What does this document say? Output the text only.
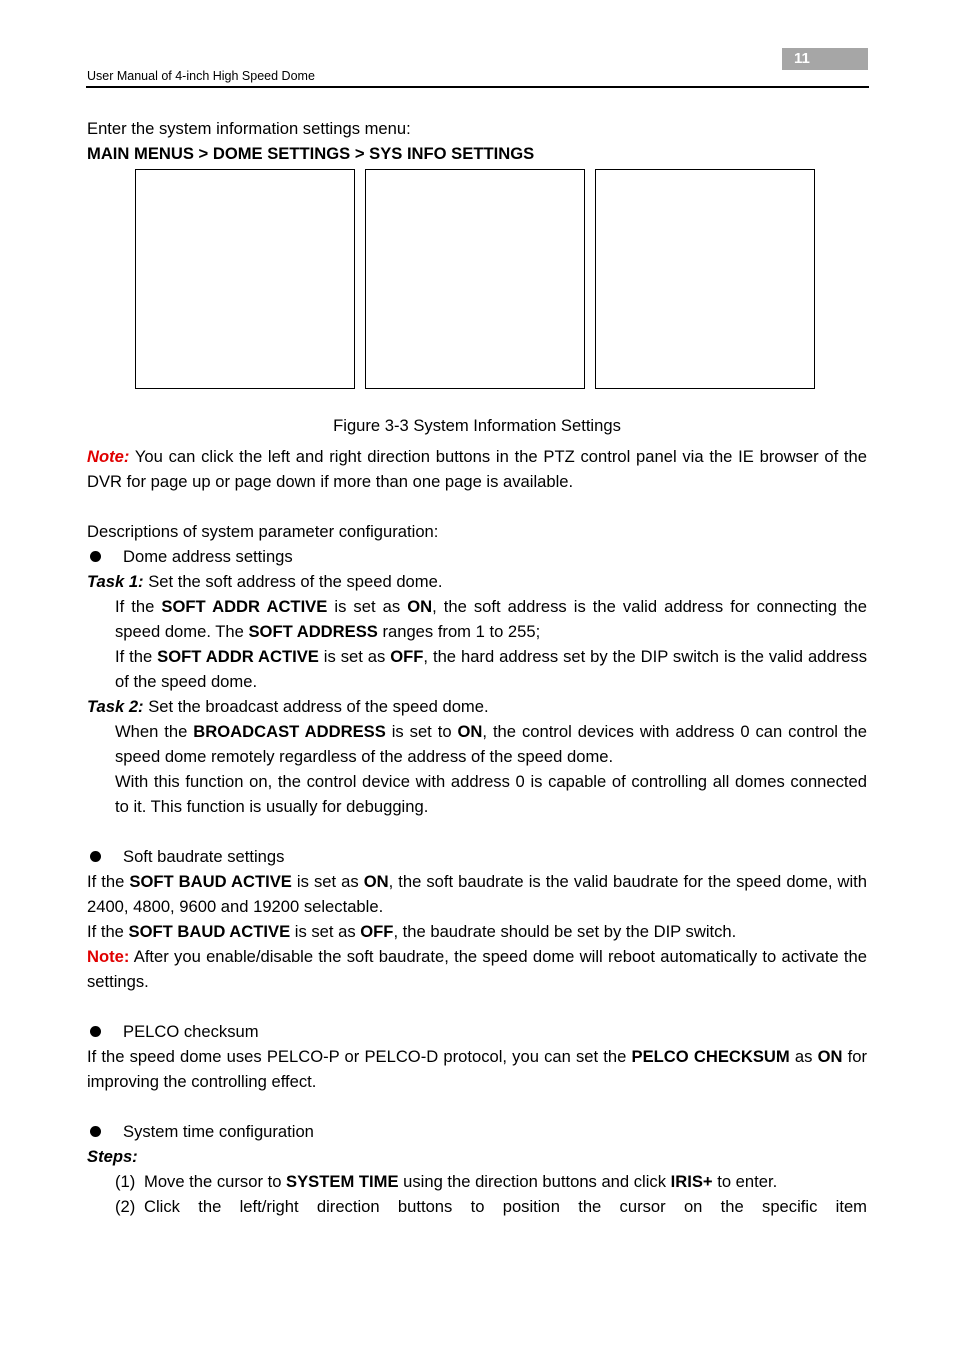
11
User Manual of 4-inch High Speed Dome

Enter the system information settings menu:

MAIN MENUS > DOME SETTINGS > SYS INFO SETTINGS

Figure 3-3 System Information Settings

Note: You can click the left and right direction buttons in the PTZ control panel via the IE browser of the DVR for page up or page down if more than one page is available.

Descriptions of system parameter configuration:

Dome address settings

Task 1: Set the soft address of the speed dome.

If the SOFT ADDR ACTIVE is set as ON, the soft address is the valid address for connecting the speed dome. The SOFT ADDRESS ranges from 1 to 255;

If the SOFT ADDR ACTIVE is set as OFF, the hard address set by the DIP switch is the valid address of the speed dome.

Task 2: Set the broadcast address of the speed dome.

When the BROADCAST ADDRESS is set to ON, the control devices with address 0 can control the speed dome remotely regardless of the address of the speed dome.

With this function on, the control device with address 0 is capable of controlling all domes connected to it. This function is usually for debugging.

Soft baudrate settings

If the SOFT BAUD ACTIVE is set as ON, the soft baudrate is the valid baudrate for the speed dome, with 2400, 4800, 9600 and 19200 selectable.

If the SOFT BAUD ACTIVE is set as OFF, the baudrate should be set by the DIP switch.

Note: After you enable/disable the soft baudrate, the speed dome will reboot automatically to activate the settings.

PELCO checksum

If the speed dome uses PELCO-P or PELCO-D protocol, you can set the PELCO CHECKSUM as ON for improving the controlling effect.

System time configuration

Steps:

(1) Move the cursor to SYSTEM TIME using the direction buttons and click IRIS+ to enter.
(2) Click the left/right direction buttons to position the cursor on the specific item
